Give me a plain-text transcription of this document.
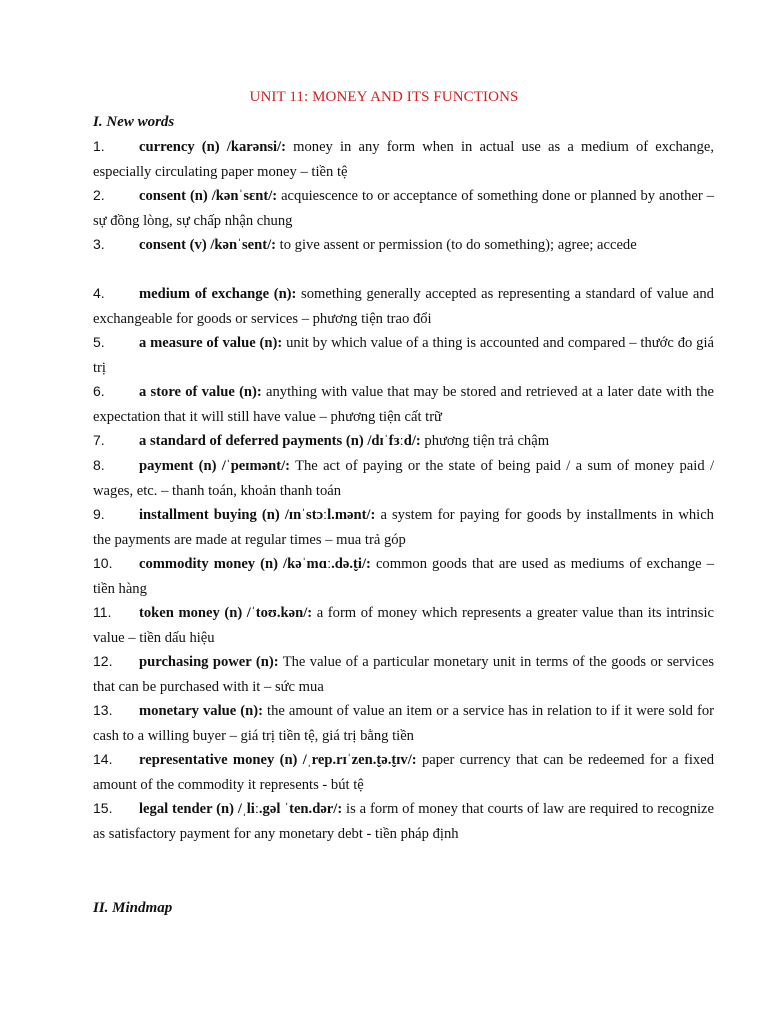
UNIT 11: MONEY AND ITS FUNCTIONS
I. New words
1. currency (n) /karənsi/: money in any form when in actual use as a medium of exchange, especially circulating paper money – tiền tệ
2. consent (n) /kənˈsɛnt/: acquiescence to or acceptance of something done or planned by another – sự đồng lòng, sự chấp nhận chung
3. consent (v) /kənˈsent/: to give assent or permission (to do something); agree; accede
4. medium of exchange (n): something generally accepted as representing a standard of value and exchangeable for goods or services – phương tiện trao đổi
5. a measure of value (n): unit by which value of a thing is accounted and compared – thước đo giá trị
6. a store of value (n): anything with value that may be stored and retrieved at a later date with the expectation that it will still have value – phương tiện cất trữ
7. a standard of deferred payments (n) /dɪˈfɜːd/: phương tiện trả chậm
8. payment (n) /ˈpeɪmənt/: The act of paying or the state of being paid / a sum of money paid / wages, etc. – thanh toán, khoản thanh toán
9. installment buying (n) /ɪnˈstɔːl.mənt/: a system for paying for goods by installments in which the payments are made at regular times – mua trả góp
10. commodity money (n) /kəˈmɑː.də.t̬i/: common goods that are used as mediums of exchange – tiền hàng
11. token money (n) /ˈtoʊ.kən/: a form of money which represents a greater value than its intrinsic value – tiền dấu hiệu
12. purchasing power (n): The value of a particular monetary unit in terms of the goods or services that can be purchased with it – sức mua
13. monetary value (n): the amount of value an item or a service has in relation to if it were sold for cash to a willing buyer – giá trị tiền tệ, giá trị bằng tiền
14. representative money (n) /ˌrep.rɪˈzen.t̬ə.t̬ɪv/: paper currency that can be redeemed for a fixed amount of the commodity it represents - bút tệ
15. legal tender (n) /ˌliː.gəl ˈten.dər/: is a form of money that courts of law are required to recognize as satisfactory payment for any monetary debt - tiền pháp định
II. Mindmap
